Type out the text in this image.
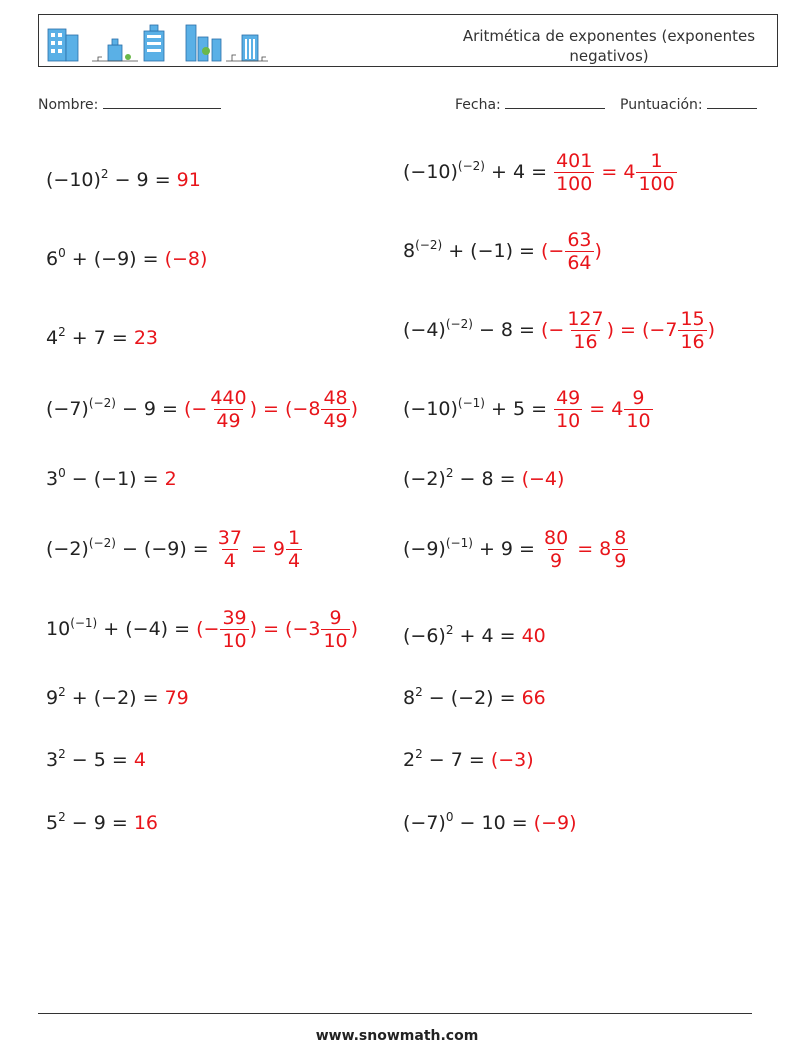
Aritmética de exponentes (exponentes negativos)
Nombre:	Fecha:	Puntuación:
$(-10)^2 - 9 = 91$
$6^0 + (-9) = (-8)$
$4^2 + 7 = 23$
$(-7)^{(-2)} - 9$ = (− $\frac{440}{49}$ ) = ($-8 \frac{48}{49}$ )
$3^0 - (-1) = 2$
$(-2)^{(-2)} - (-9) = \frac{37}{4} = 9 \frac{1}{4}$
$10^{(-1)} + (-4)$ = (− $\frac{39}{10}$ ) = ($-3 \frac{9}{10}$ )
$9^2 + (-2) = 79$
$3^2 - 5 = 4$
$5^2 - 9 = 16$
$(-10)^{(-2)} + 4 = \frac{401}{100} = 4 \frac{1}{100}$
$8^{(-2)} + (-1)$ = (− $\frac{63}{64}$ )
$(-4)^{(-2)} - 8$ = (− $\frac{127}{16}$ ) = ($-7 \frac{15}{16}$ )
$(-10)^{(-1)} + 5 = \frac{49}{10} = 4 \frac{9}{10}$
$(-2)^2 - 8 = (-4)$
$(-9)^{(-1)} + 9 = \frac{80}{9} = 8 \frac{8}{9}$
$(-6)^2 + 4 = 40$
$8^2 - (-2) = 66$
$2^2 - 7 = (-3)$
$(-7)^0 - 10 = (-9)$
www.snowmath.com
